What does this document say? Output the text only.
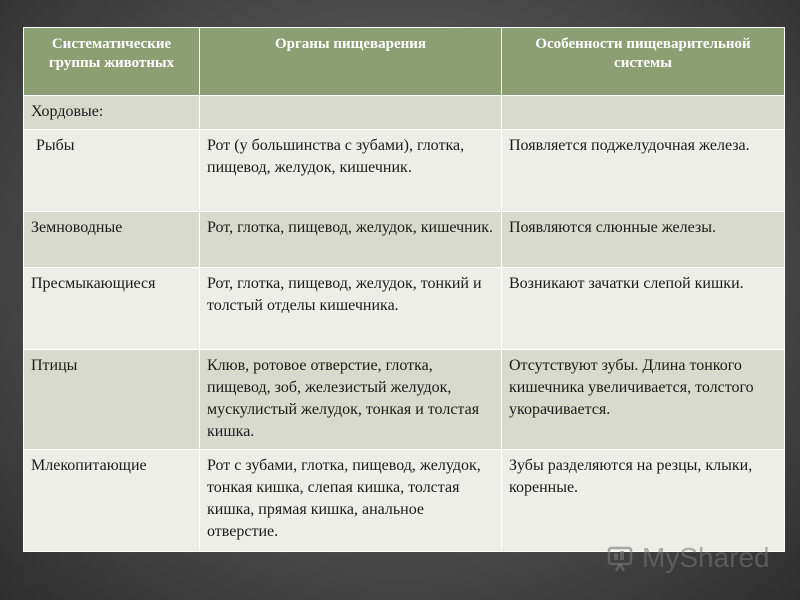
Систематические группы животных	Органы пищеварения	Особенности пищеварительной системы
Хордовые:		
Рыбы	Рот (у большинства с зубами), глотка, пищевод, желудок, кишечник.	Появляется поджелудочная железа.
Земноводные	Рот, глотка, пищевод, желудок, кишечник.	Появляются слюнные железы.
Пресмыкающиеся	Рот, глотка, пищевод, желудок, тонкий и толстый отделы кишечника.	Возникают зачатки слепой кишки.
Птицы	Клюв, ротовое отверстие, глотка, пищевод, зоб, железистый желудок, мускулистый желудок, тонкая и толстая кишка.	Отсутствуют зубы. Длина тонкого кишечника увеличивается, толстого укорачивается.
Млекопитающие	Рот с зубами, глотка, пищевод, желудок, тонкая кишка, слепая кишка, толстая кишка, прямая кишка, анальное отверстие.	Зубы разделяются на резцы, клыки, коренные.
MyShared
